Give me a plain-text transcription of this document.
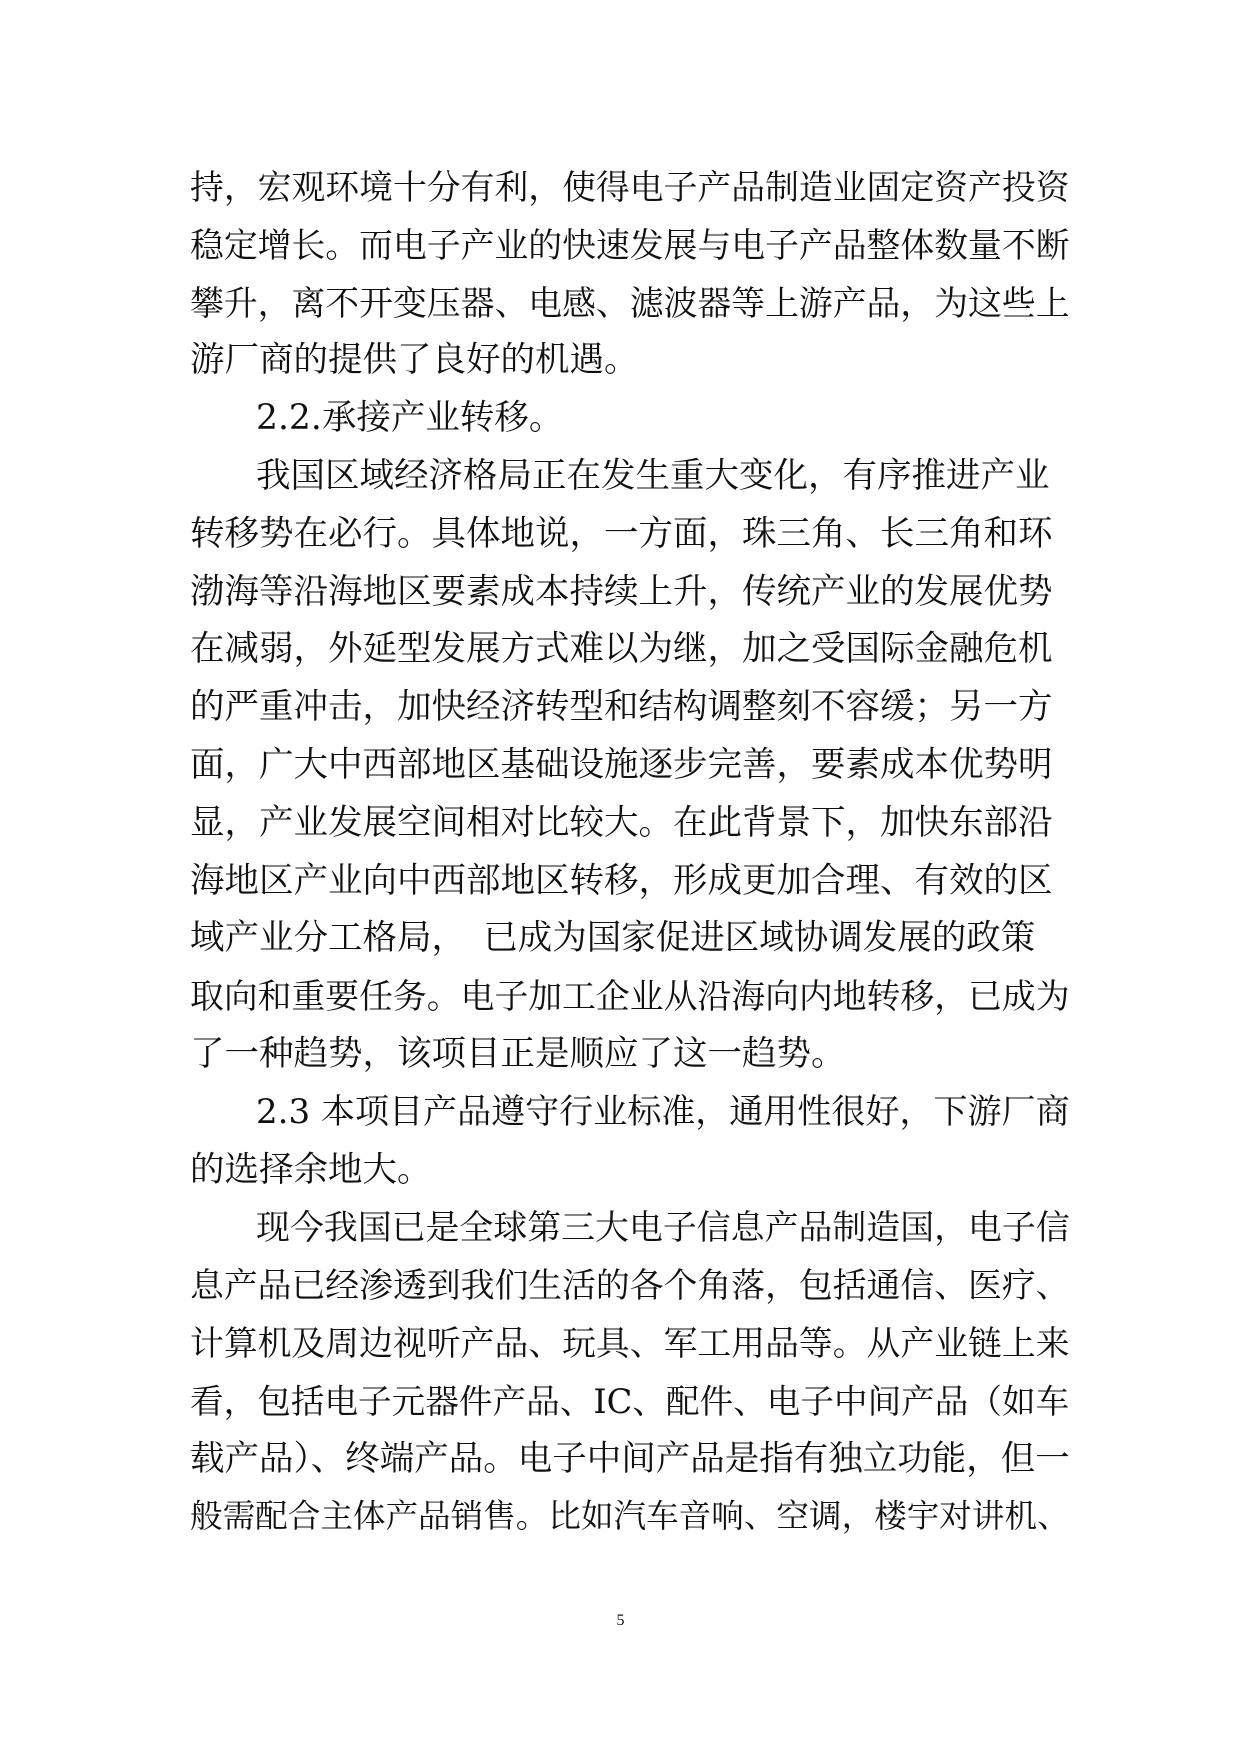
持，宏观环境十分有利，使得电子产品制造业固定资产投资
稳定增长。而电子产业的快速发展与电子产品整体数量不断
攀升，离不开变压器、电感、滤波器等上游产品，为这些上
游厂商的提供了良好的机遇。
2.2.承接产业转移。
我国区域经济格局正在发生重大变化，有序推进产业
转移势在必行。具体地说，一方面，珠三角、长三角和环
渤海等沿海地区要素成本持续上升，传统产业的发展优势
在减弱，外延型发展方式难以为继，加之受国际金融危机
的严重冲击，加快经济转型和结构调整刻不容缓；另一方
面，广大中西部地区基础设施逐步完善，要素成本优势明
显，产业发展空间相对比较大。在此背景下，加快东部沿
海地区产业向中西部地区转移，形成更加合理、有效的区
域产业分工格局，　已成为国家促进区域协调发展的政策
取向和重要任务。电子加工企业从沿海向内地转移，已成为
了一种趋势，该项目正是顺应了这一趋势。
2.3 本项目产品遵守行业标准，通用性很好，下游厂商
的选择余地大。
现今我国已是全球第三大电子信息产品制造国，电子信
息产品已经渗透到我们生活的各个角落，包括通信、医疗、
计算机及周边视听产品、玩具、军工用品等。从产业链上来
看，包括电子元器件产品、IC、配件、电子中间产品（如车
载产品）、终端产品。电子中间产品是指有独立功能，但一
般需配合主体产品销售。比如汽车音响、空调，楼宇对讲机、
5
